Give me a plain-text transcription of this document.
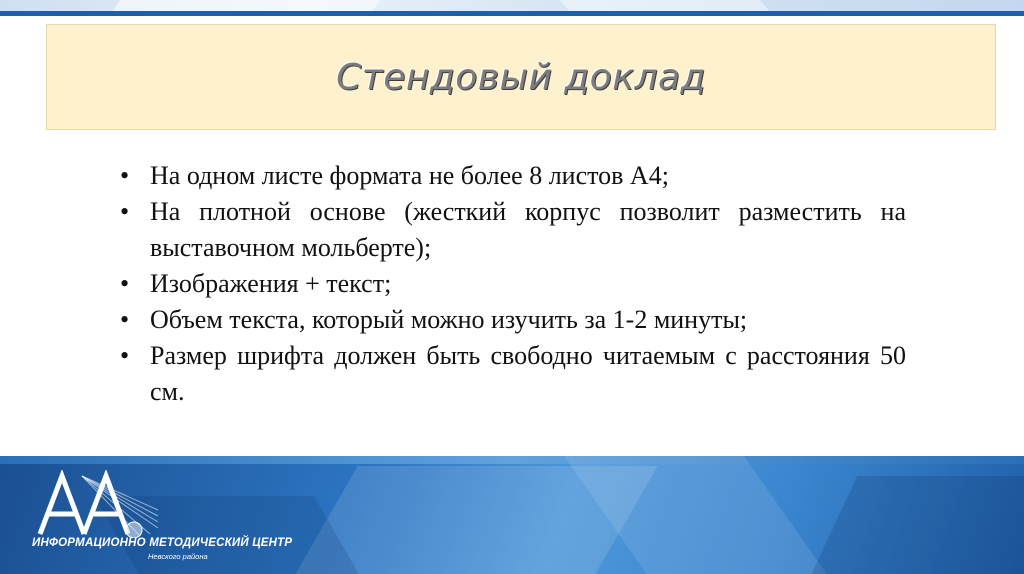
Стендовый доклад
• На одном листе формата не более 8 листов А4;
• На плотной основе (жесткий корпус позволит разместить на выставочном мольберте);
• Изображения + текст;
• Объем текста, который можно изучить за 1-2 минуты;
• Размер шрифта должен быть свободно читаемым с расстояния 50 см.
ИНФОРМАЦИОННО МЕТОДИЧЕСКИЙ ЦЕНТР
Невского района
